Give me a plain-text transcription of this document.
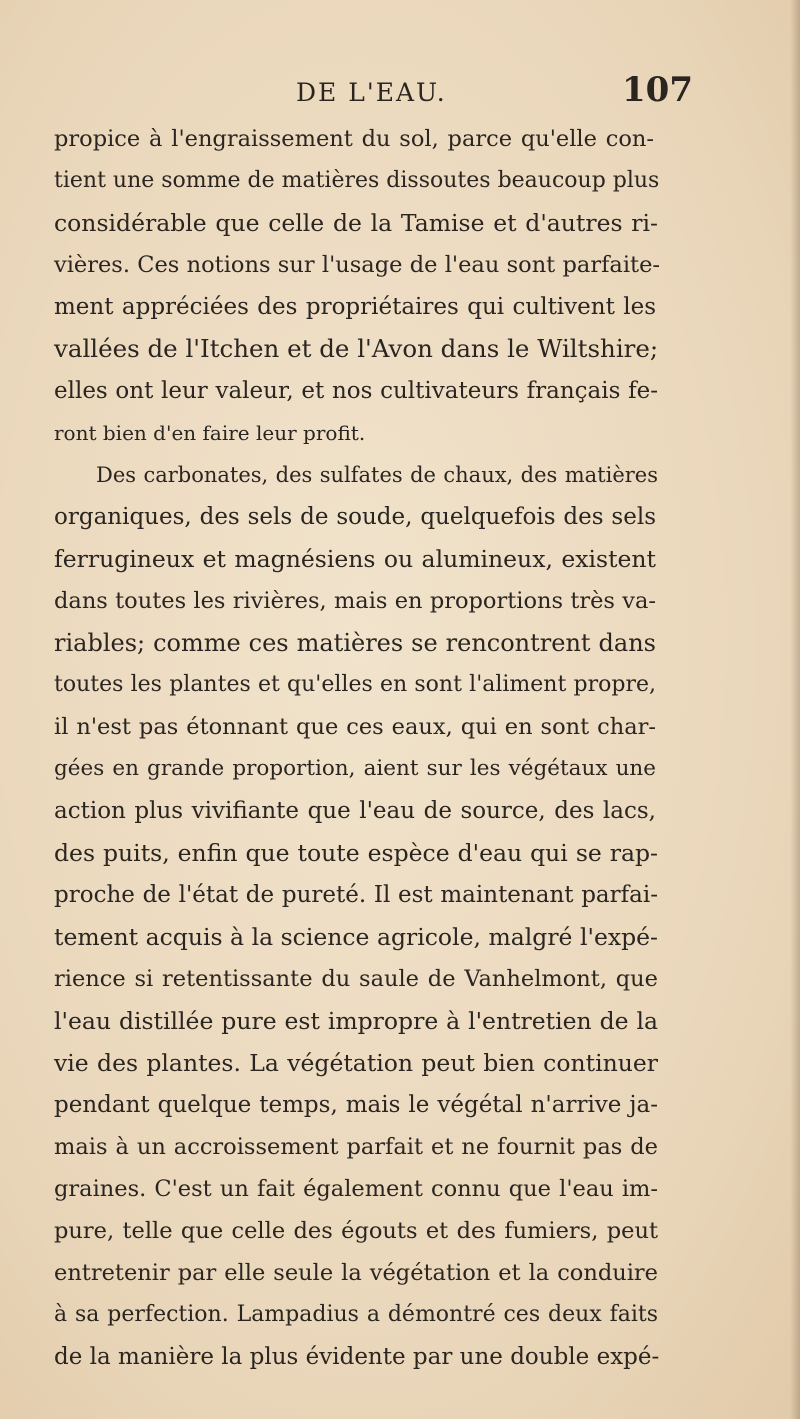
DE L'EAU.	107
propice à l'engraissement du sol, parce qu'elle con-
tient une somme de matières dissoutes beaucoup plus
considérable que celle de la Tamise et d'autres ri-
vières. Ces notions sur l'usage de l'eau sont parfaite-
ment appréciées des propriétaires qui cultivent les
vallées de l'Itchen et de l'Avon dans le Wiltshire;
elles ont leur valeur, et nos cultivateurs français fe-
ront bien d'en faire leur profit.
Des carbonates, des sulfates de chaux, des matières
organiques, des sels de soude, quelquefois des sels
ferrugineux et magnésiens ou alumineux, existent
dans toutes les rivières, mais en proportions très va-
riables; comme ces matières se rencontrent dans
toutes les plantes et qu'elles en sont l'aliment propre,
il n'est pas étonnant que ces eaux, qui en sont char-
gées en grande proportion, aient sur les végétaux une
action plus vivifiante que l'eau de source, des lacs,
des puits, enfin que toute espèce d'eau qui se rap-
proche de l'état de pureté. Il est maintenant parfai-
tement acquis à la science agricole, malgré l'expé-
rience si retentissante du saule de Vanhelmont, que
l'eau distillée pure est impropre à l'entretien de la
vie des plantes. La végétation peut bien continuer
pendant quelque temps, mais le végétal n'arrive ja-
mais à un accroissement parfait et ne fournit pas de
graines. C'est un fait également connu que l'eau im-
pure, telle que celle des égouts et des fumiers, peut
entretenir par elle seule la végétation et la conduire
à sa perfection. Lampadius a démontré ces deux faits
de la manière la plus évidente par une double expé-
